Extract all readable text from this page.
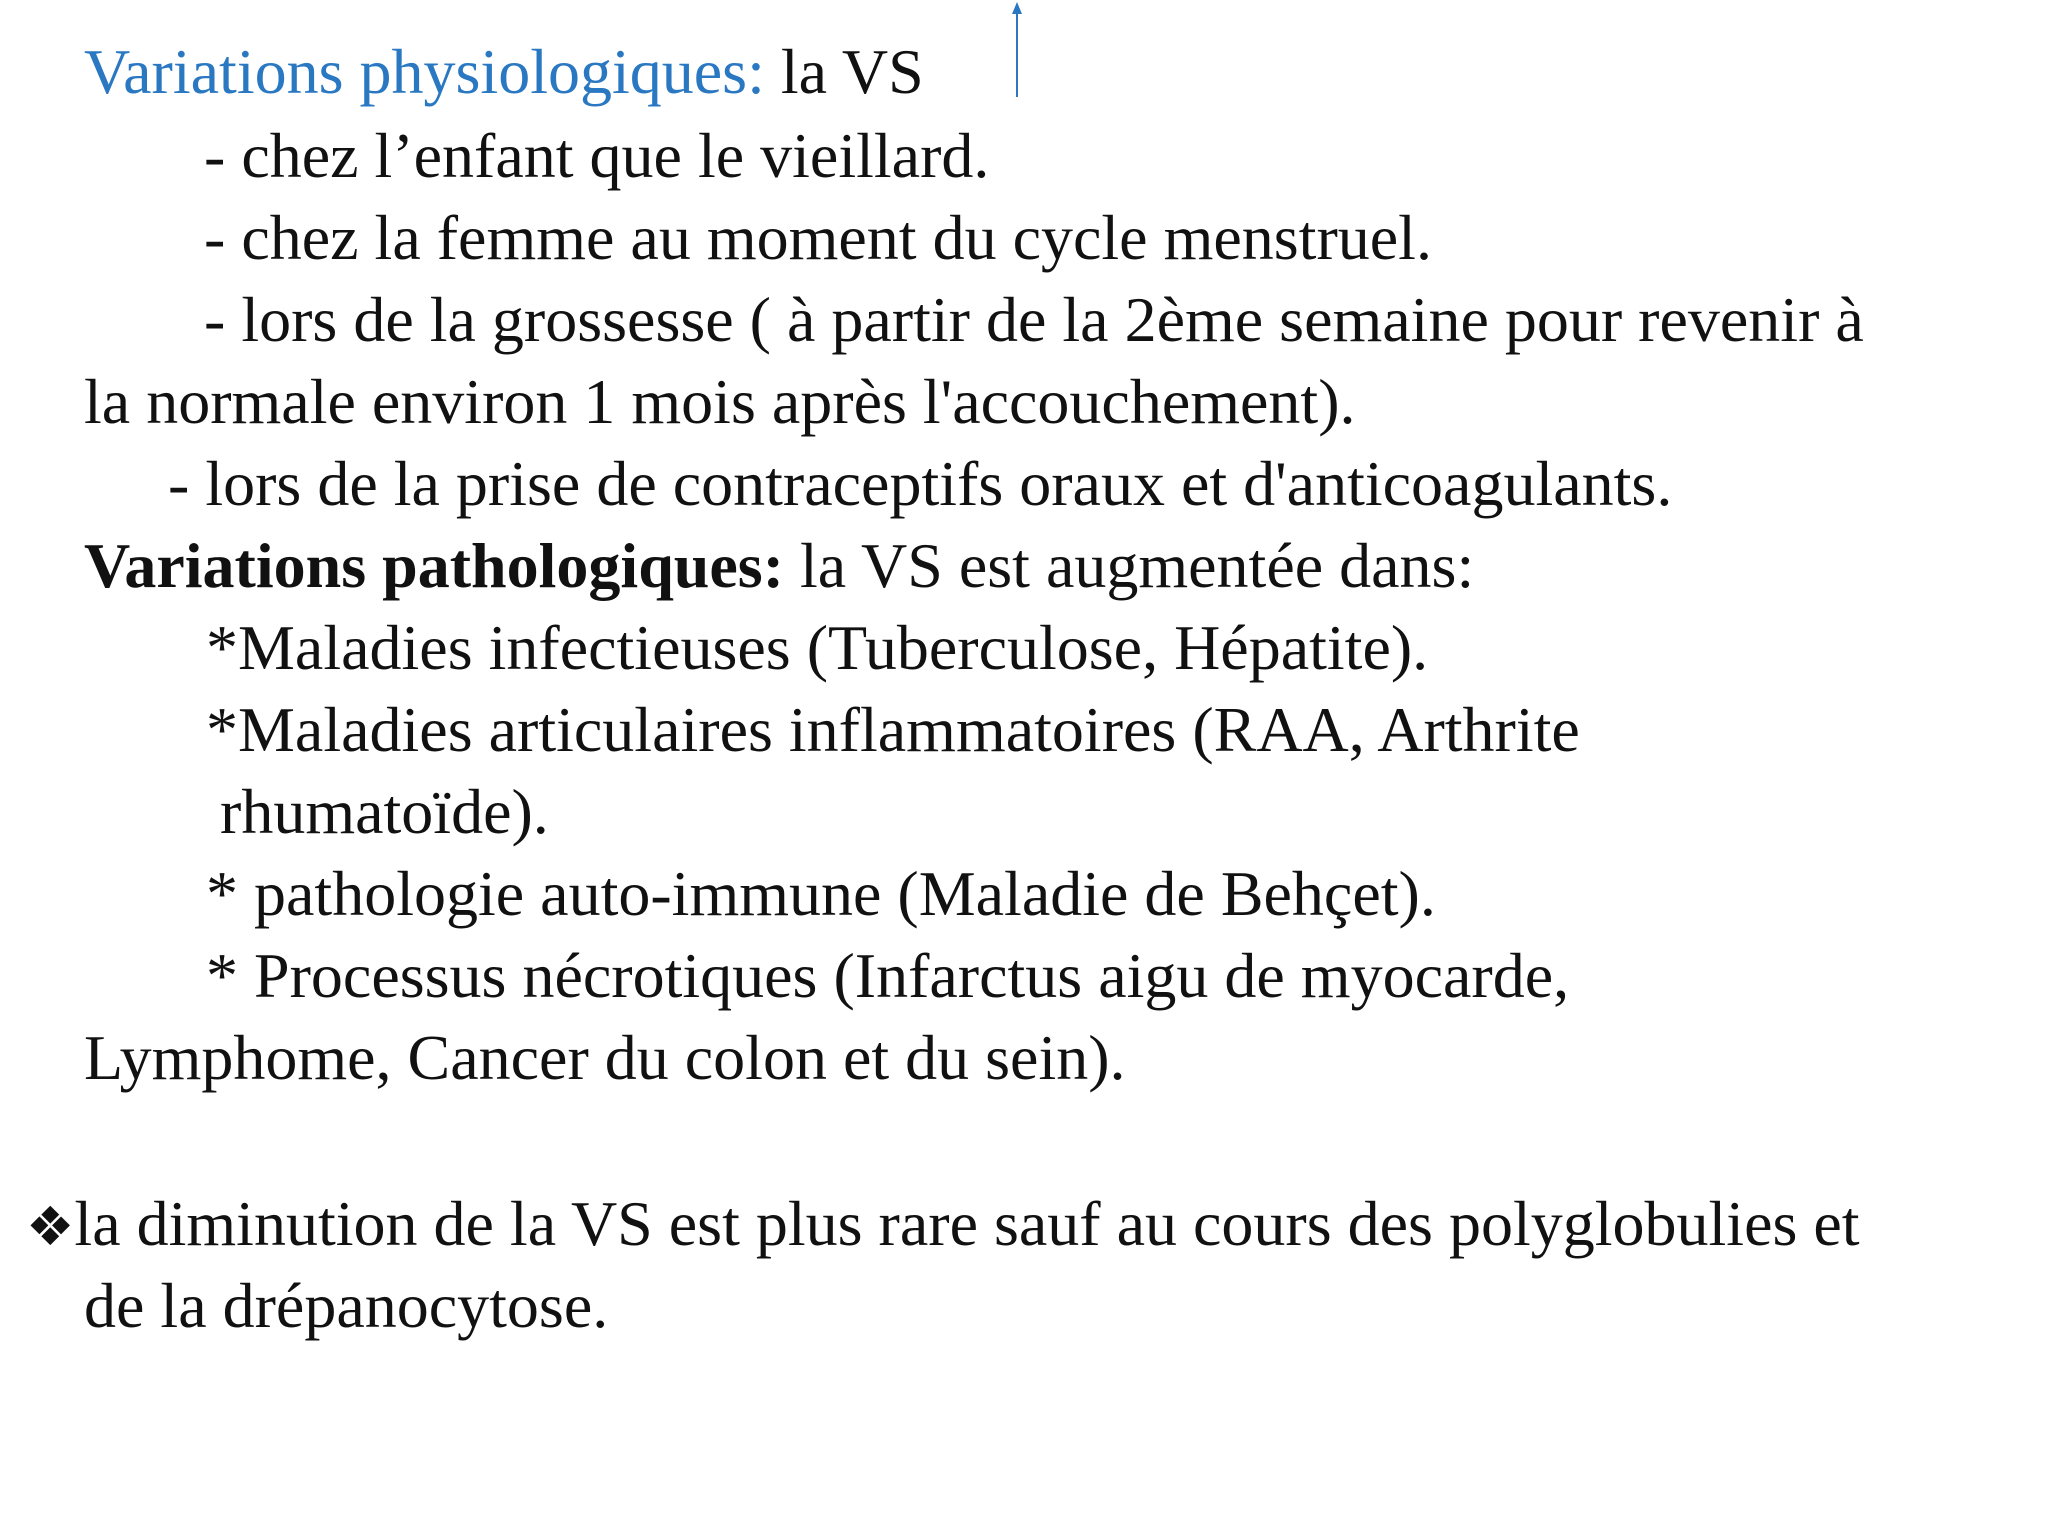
Variations physiologiques: la VS
- chez l’enfant que le vieillard.
- chez la femme au moment du cycle menstruel.
- lors de la grossesse ( à partir de la 2ème semaine pour revenir à
la normale environ 1 mois après l'accouchement).
- lors de la prise de contraceptifs oraux et d'anticoagulants.
Variations pathologiques: la VS est augmentée dans:
*Maladies infectieuses (Tuberculose, Hépatite).
*Maladies articulaires inflammatoires (RAA, Arthrite
rhumatoïde).
* pathologie auto-immune (Maladie de Behçet).
* Processus nécrotiques (Infarctus aigu de myocarde,
Lymphome, Cancer du colon et du sein).
❖la diminution de la VS est plus rare sauf au cours des polyglobulies et
de la drépanocytose.
